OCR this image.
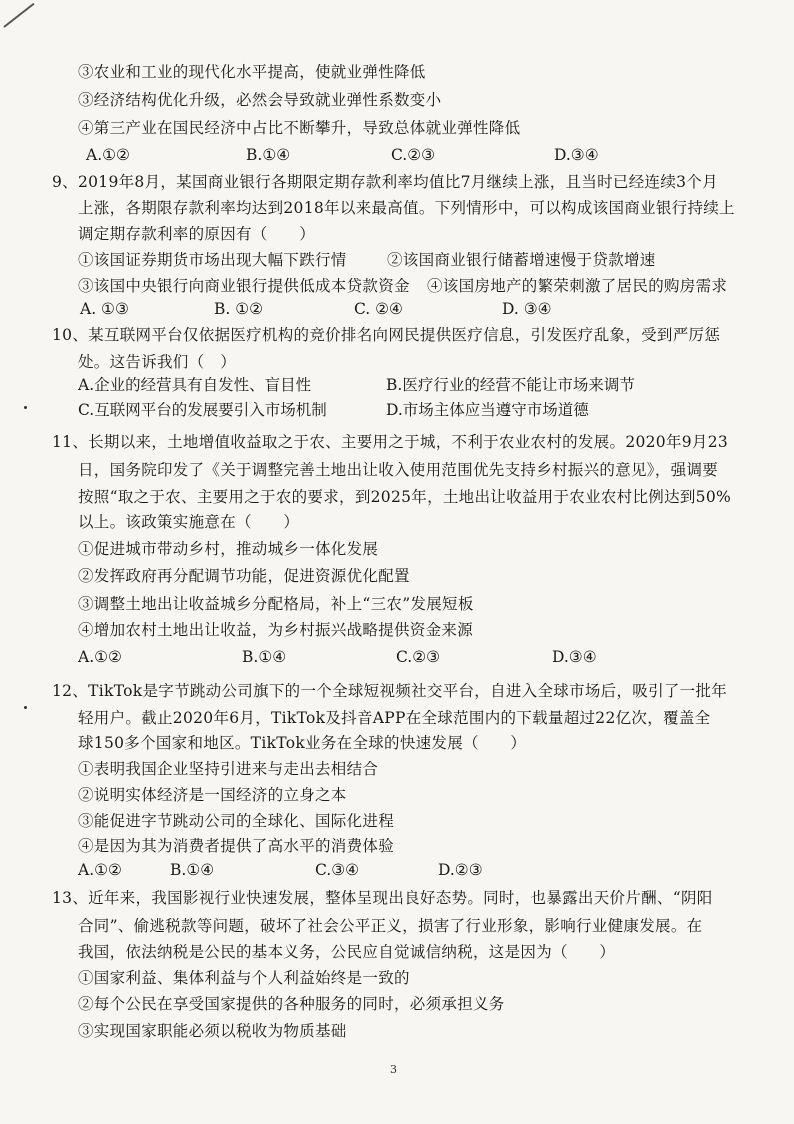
③农业和工业的现代化水平提高，使就业弹性降低
③经济结构优化升级，必然会导致就业弹性系数变小
④第三产业在国民经济中占比不断攀升，导致总体就业弹性降低
A.①②	B.①④	C.②③	D.③④
9、2019年8月，某国商业银行各期限定期存款利率均值比7月继续上涨，且当时已经连续3个月
上涨，各期限存款利率均达到2018年以来最高值。下列情形中，可以构成该国商业银行持续上
调定期存款利率的原因有（　　）
①该国证券期货市场出现大幅下跌行情	②该国商业银行储蓄增速慢于贷款增速
③该国中央银行向商业银行提供低成本贷款资金 ④该国房地产的繁荣刺激了居民的购房需求
A. ①③	B. ①②	C. ②④	D. ③④
10、某互联网平台仅依据医疗机构的竞价排名向网民提供医疗信息，引发医疗乱象，受到严厉惩
处。这告诉我们（　）
A.企业的经营具有自发性、盲目性	B.医疗行业的经营不能让市场来调节
C.互联网平台的发展要引入市场机制	D.市场主体应当遵守市场道德
11、长期以来，土地增值收益取之于农、主要用之于城，不利于农业农村的发展。2020年9月23
日，国务院印发了《关于调整完善土地出让收入使用范围优先支持乡村振兴的意见》，强调要
按照“取之于农、主要用之于农的要求，到2025年，土地出让收益用于农业农村比例达到50%
以上。该政策实施意在（　　）
①促进城市带动乡村，推动城乡一体化发展
②发挥政府再分配调节功能，促进资源优化配置
③调整土地出让收益城乡分配格局，补上“三农”发展短板
④增加农村土地出让收益，为乡村振兴战略提供资金来源
A.①②	B.①④	C.②③	D.③④
12、TikTok是字节跳动公司旗下的一个全球短视频社交平台，自进入全球市场后，吸引了一批年
轻用户。截止2020年6月，TikTok及抖音APP在全球范围内的下载量超过22亿次，覆盖全
球150多个国家和地区。TikTok业务在全球的快速发展（　　）
①表明我国企业坚持引进来与走出去相结合
②说明实体经济是一国经济的立身之本
③能促进字节跳动公司的全球化、国际化进程
④是因为其为消费者提供了高水平的消费体验
A.①②	B.①④	C.③④	D.②③
13、近年来，我国影视行业快速发展，整体呈现出良好态势。同时，也暴露出天价片酬、“阴阳
合同”、偷逃税款等问题，破坏了社会公平正义，损害了行业形象，影响行业健康发展。在
我国，依法纳税是公民的基本义务，公民应自觉诚信纳税，这是因为（　　）
①国家利益、集体利益与个人利益始终是一致的
②每个公民在享受国家提供的各种服务的同时，必须承担义务
③实现国家职能必须以税收为物质基础
3
